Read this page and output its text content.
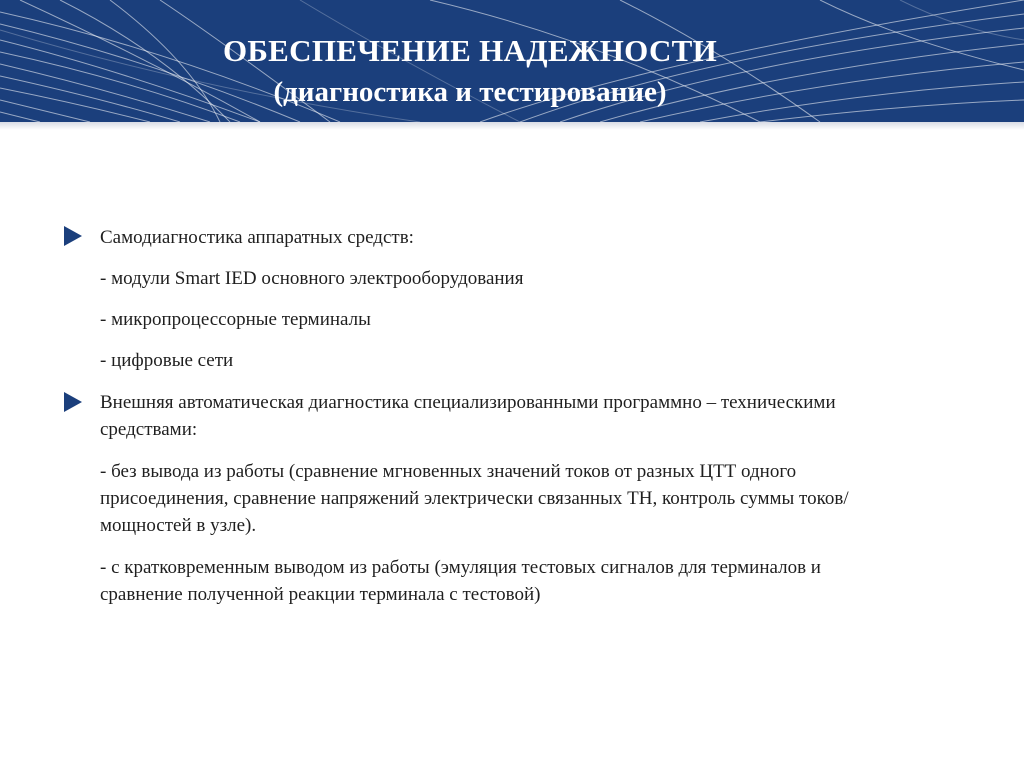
ОБЕСПЕЧЕНИЕ НАДЕЖНОСТИ
(диагностика и тестирование)
Самодиагностика аппаратных средств:
- модули Smart IED основного электрооборудования
- микропроцессорные терминалы
- цифровые сети
Внешняя автоматическая диагностика специализированными программно – техническими средствами:
- без вывода из работы (сравнение мгновенных значений токов от разных ЦТТ одного присоединения, сравнение напряжений электрически связанных ТН, контроль суммы токов/мощностей в узле).
- с кратковременным выводом из работы (эмуляция тестовых сигналов для терминалов и сравнение полученной реакции терминала с тестовой)
